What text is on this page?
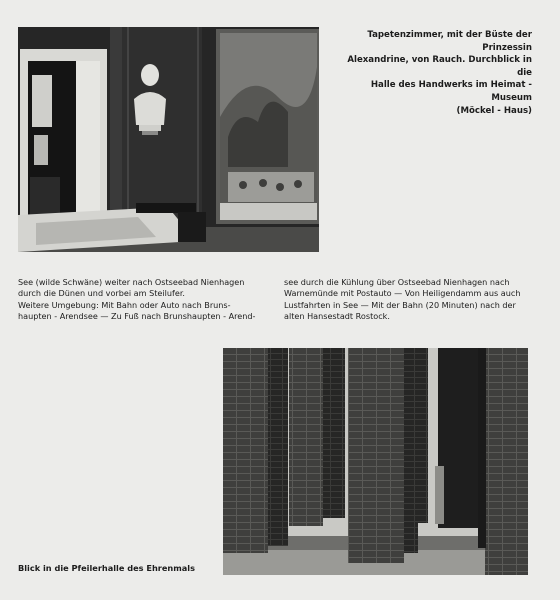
Tapetenzimmer, mit der Büste der Prinzessin
Alexandrine, von Rauch. Durchblick in die
Halle des Handwerks im Heimat - Museum
(Möckel - Haus)
See (wilde Schwäne) weiter nach Ostseebad Nienhagen
durch die Dünen und vorbei am Steilufer.
Weitere Umgebung: Mit Bahn oder Auto nach Bruns-
haupten - Arendsee — Zu Fuß nach Brunshaupten - Arend-
see durch die Kühlung über Ostseebad Nienhagen nach
Warnemünde mit Postauto — Von Heiligendamm aus auch
Lustfahrten in See — Mit der Bahn (20 Minuten) nach der
alten Hansestadt Rostock.
Blick in die Pfeilerhalle des Ehrenmals
